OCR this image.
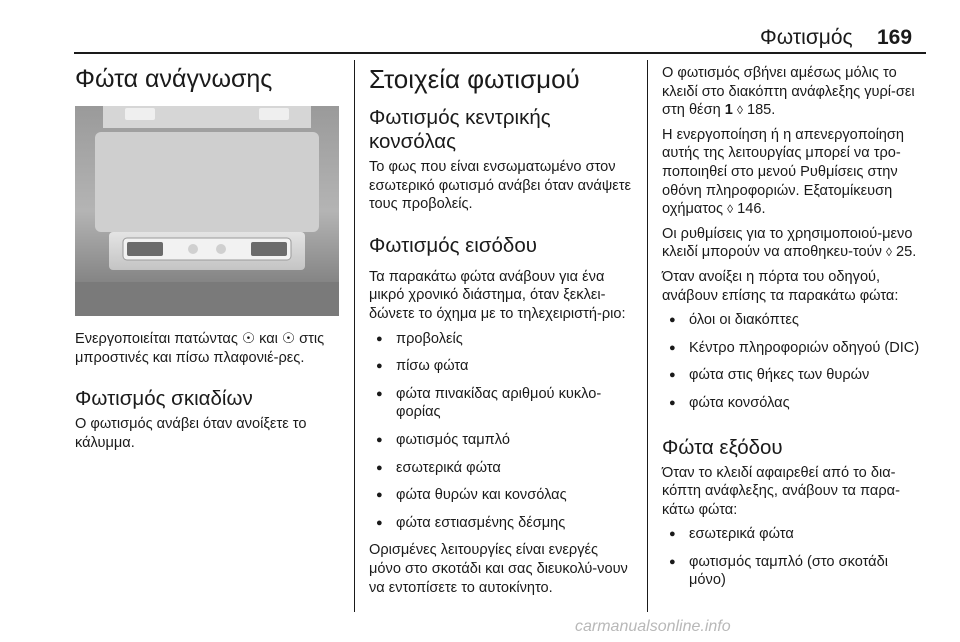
Φωτισμός 169
Φώτα ανάγνωσης

Ενεργοποιείται πατώντας ☉ και ☉ στις μπροστινές και πίσω πλαφονιέ-ρες.

Φωτισμός σκιαδίων

Ο φωτισμός ανάβει όταν ανοίξετε το κάλυμμα.

Στοιχεία φωτισμού
Φωτισμός κεντρικής κονσόλας

Το φως που είναι ενσωματωμένο στον εσωτερικό φωτισμό ανάβει όταν ανάψετε τους προβολείς.

Φωτισμός εισόδου

Τα παρακάτω φώτα ανάβουν για ένα μικρό χρονικό διάστημα, όταν ξεκλει-δώνετε το όχημα με το τηλεχειριστή-ριο:

● προβολείς
● πίσω φώτα
● φώτα πινακίδας αριθμού κυκλο-φορίας
● φωτισμός ταμπλό
● εσωτερικά φώτα
● φώτα θυρών και κονσόλας
● φώτα εστιασμένης δέσμης

Ορισμένες λειτουργίες είναι ενεργές μόνο στο σκοτάδι και σας διευκολύ-νουν να εντοπίσετε το αυτοκίνητο.

Ο φωτισμός σβήνει αμέσως μόλις το κλειδί στο διακόπτη ανάφλεξης γυρί-σει στη θέση 1 ◊ 185.

Η ενεργοποίηση ή η απενεργοποίηση αυτής της λειτουργίας μπορεί να τρο-ποποιηθεί στο μενού Ρυθμίσεις στην οθόνη πληροφοριών. Εξατομίκευση οχήματος ◊ 146.

Οι ρυθμίσεις για το χρησιμοποιού-μενο κλειδί μπορούν να αποθηκευ-τούν ◊ 25.

Όταν ανοίξει η πόρτα του οδηγού, ανάβουν επίσης τα παρακάτω φώτα:

● όλοι οι διακόπτες
● Κέντρο πληροφοριών οδηγού (DIC)
● φώτα στις θήκες των θυρών
● φώτα κονσόλας
Φώτα εξόδου

Όταν το κλειδί αφαιρεθεί από το δια-κόπτη ανάφλεξης, ανάβουν τα παρα-κάτω φώτα:

● εσωτερικά φώτα
● φωτισμός ταμπλό (στο σκοτάδι μόνο)
carmanualsonline.info
